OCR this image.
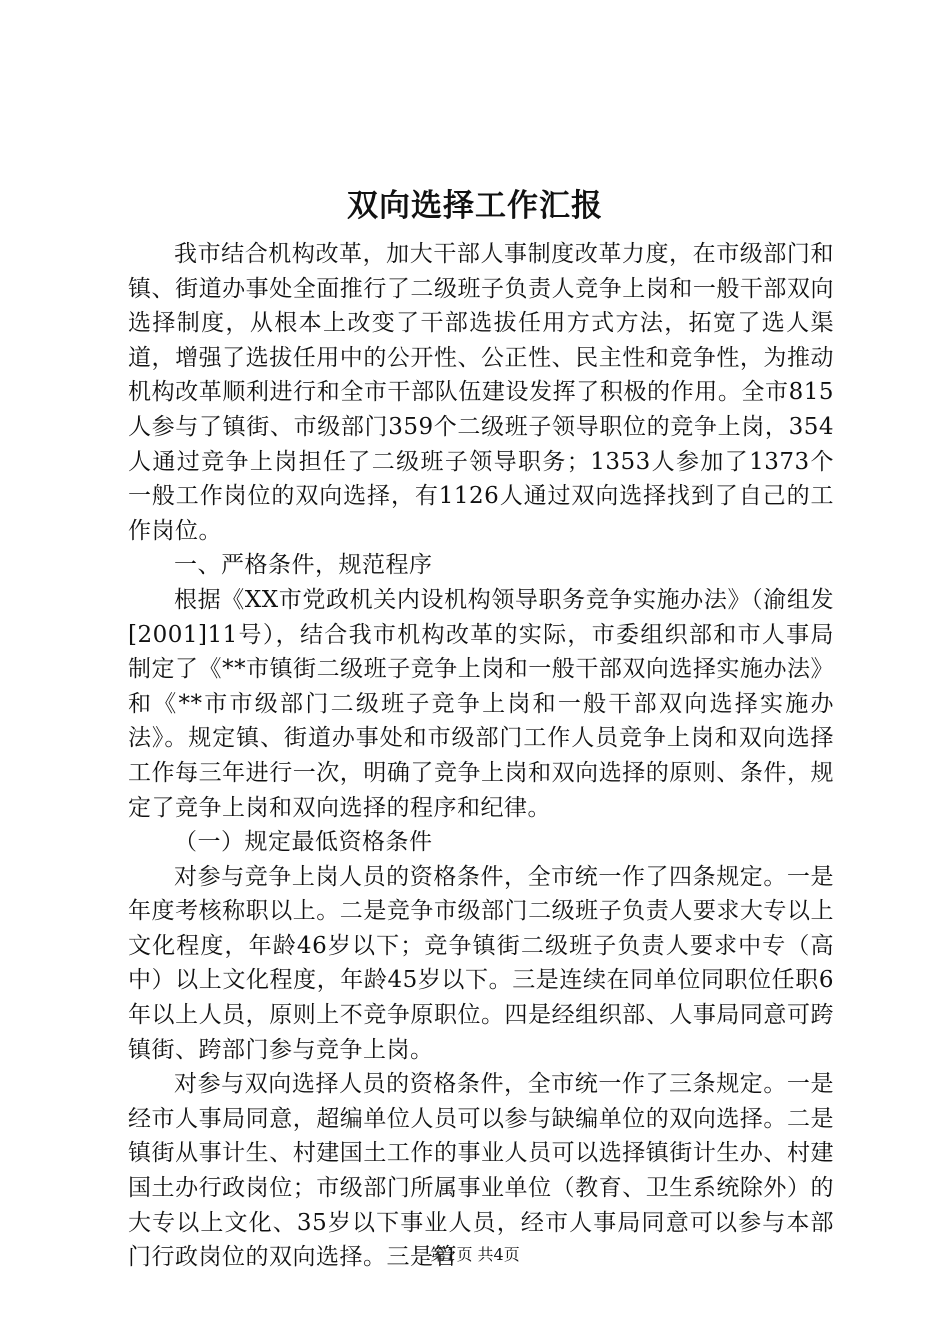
双向选择工作汇报

我市结合机构改革，加大干部人事制度改革力度，在市级部门和镇、街道办事处全面推行了二级班子负责人竞争上岗和一般干部双向选择制度，从根本上改变了干部选拔任用方式方法，拓宽了选人渠道，增强了选拔任用中的公开性、公正性、民主性和竞争性，为推动机构改革顺利进行和全市干部队伍建设发挥了积极的作用。全市815人参与了镇街、市级部门359个二级班子领导职位的竞争上岗，354人通过竞争上岗担任了二级班子领导职务；1353人参加了1373个一般工作岗位的双向选择，有1126人通过双向选择找到了自己的工作岗位。

一、严格条件，规范程序

根据《XX市党政机关内设机构领导职务竞争实施办法》（渝组发[2001]11号），结合我市机构改革的实际，市委组织部和市人事局制定了《**市镇街二级班子竞争上岗和一般干部双向选择实施办法》和《**市市级部门二级班子竞争上岗和一般干部双向选择实施办法》。规定镇、街道办事处和市级部门工作人员竞争上岗和双向选择工作每三年进行一次，明确了竞争上岗和双向选择的原则、条件，规定了竞争上岗和双向选择的程序和纪律。

（一）规定最低资格条件

对参与竞争上岗人员的资格条件，全市统一作了四条规定。一是年度考核称职以上。二是竞争市级部门二级班子负责人要求大专以上文化程度，年龄46岁以下；竞争镇街二级班子负责人要求中专（高中）以上文化程度，年龄45岁以下。三是连续在同单位同职位任职6年以上人员，原则上不竞争原职位。四是经组织部、人事局同意可跨镇街、跨部门参与竞争上岗。

对参与双向选择人员的资格条件，全市统一作了三条规定。一是经市人事局同意，超编单位人员可以参与缺编单位的双向选择。二是镇街从事计生、村建国土工作的事业人员可以选择镇街计生办、村建国土办行政岗位；市级部门所属事业单位（教育、卫生系统除外）的大专以上文化、35岁以下事业人员，经市人事局同意可以参与本部门行政岗位的双向选择。三是管

第1页 共4页
